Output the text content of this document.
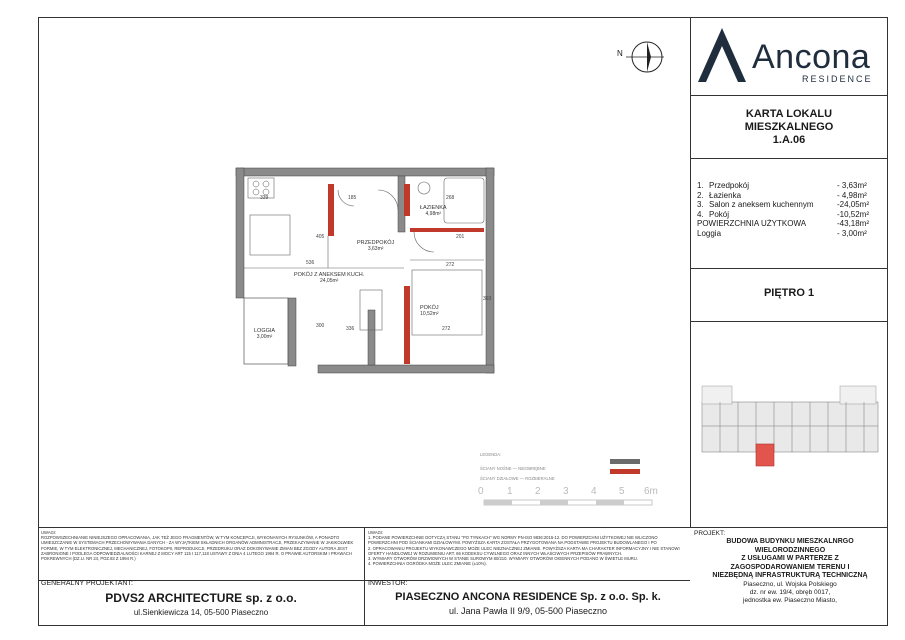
Ancona
RESIDENCE
KARTA LOKALU
MIESZKALNEGO
1.A.06
1.	Przedpokój	- 3,63m²
2.	Łazienka	- 4,98m²
3.	Salon z aneksem kuchennym	-24,05m²
4.	Pokój	-10,52m²
POWIERZCHNIA UŻYTKOWA		-43,18m²
Loggia		- 3,00m²
PIĘTRO 1
N
ŁAZIENKA
4,98m²
PRZEDPOKÓJ
3,63m²
POKÓJ Z ANEKSEM KUCH.
24,05m²
POKÓJ
10,52m²
LOGGIA
3,00m²
339	185	268
405	201
272
536
393
300	336	272
LEGENDA:
ŚCIANY NOŚNE — NIEOBRĘBNE
ŚCIANY DZIAŁOWE — ROZBIERALNE
0 1 2 3 4 5 6m
UWAGI:
ROZPOWSZECHNIANIE NINIEJSZEGO OPRACOWANIA, JAK TEŻ JEGO FRAGMENTÓW, W TYM KONCEPCJI, WYKONANYCH RYSUNKÓW, A PONADTO UMIESZCZANIE W SYSTEMACH PRZECHOWYWANIA DANYCH - ZA WYJĄTKIEM SKŁADNICH ORGANÓW ADMINISTRACJI, PRZEKAZYWANIE W JAKIKOLWIEK FORMIE, W TYM ELEKTRONICZNEJ, MECHANICZNEJ, FOTOKOPII, REPRODUKCJI, PRZEDRUKU ORAZ DOKONYWANIE ZMIAN BEZ ZGODY AUTORA JEST ZABRONIONE I PODLEGA ODPOWIEDZIALNOŚCI KARNEJ Z MOCY ART 115 I 117,118 USTAWY Z DNIA 4 LUTEGO 1994 R. O PRAWIE AUTORSKIM I PRAWACH POKREWNYCH (DZ.U. NR 24, POZ.83 Z 1994 R.)
UWAGI:
1. PODANE POWIERZCHNIE DOTYCZĄ STANU "PO TYNKACH" WG NORMY PN-ISO 9836:2015-12. DO POWIERZCHNI UŻYTKOWEJ NIE WLICZONO POWIERZCHNI POD ŚCIANKAMI DZIAŁOWYMI. POWYŻSZA KARTA ZOSTAŁA PRZYGOTOWANA NA PODSTAWIE PROJEKTU BUDOWLANEGO I PO
2. OPRACOWANIU PROJEKTU WYKONAWCZEGO MOŻE ULEC NIEZNACZNEJ ZMIANIE. POWYŻSZA KARTA MA CHARAKTER INFORMACYJNY I NIE STANOWI OFERTY HANDLOWEJ W ROZUMIENIU ART. 66 KODEKSU CYWILNEGO ORAZ INNYCH WŁAŚCIWYCH PRZEPISÓW PRAWNYCH.
3. WYMIARY OTWORÓW DRZWIOWYCH W STANIE SUROWYM 80/210. WYMIARY OTWORÓW OKIENNYCH PODANO W ŚWIETLE MURU.
4. POWIERZCHNIA OGRÓDKA MOŻE ULEC ZMIANIE (±10%).
GENERALNY PROJEKTANT:
PDVS2 ARCHITECTURE sp. z o.o.
ul.Sienkiewicza 14, 05-500 Piaseczno
INWESTOR:
PIASECZNO ANCONA RESIDENCE Sp. z o.o. Sp. k.
ul. Jana Pawła II 9/9, 05-500 Piaseczno
PROJEKT:
BUDOWA BUDYNKU MIESZKALNRGO
WIELORODZINNEGO
Z USŁUGAMI W PARTERZE Z
ZAGOSPODAROWANIEM TERENU I
NIEZBĘDNĄ INFRASTRUKTURĄ TECHNICZNĄ
Piaseczno, ul. Wojska Polskiego
dz. nr ew. 19/4, obręb 0017,
jednostka ew. Piaseczno Miasto,
